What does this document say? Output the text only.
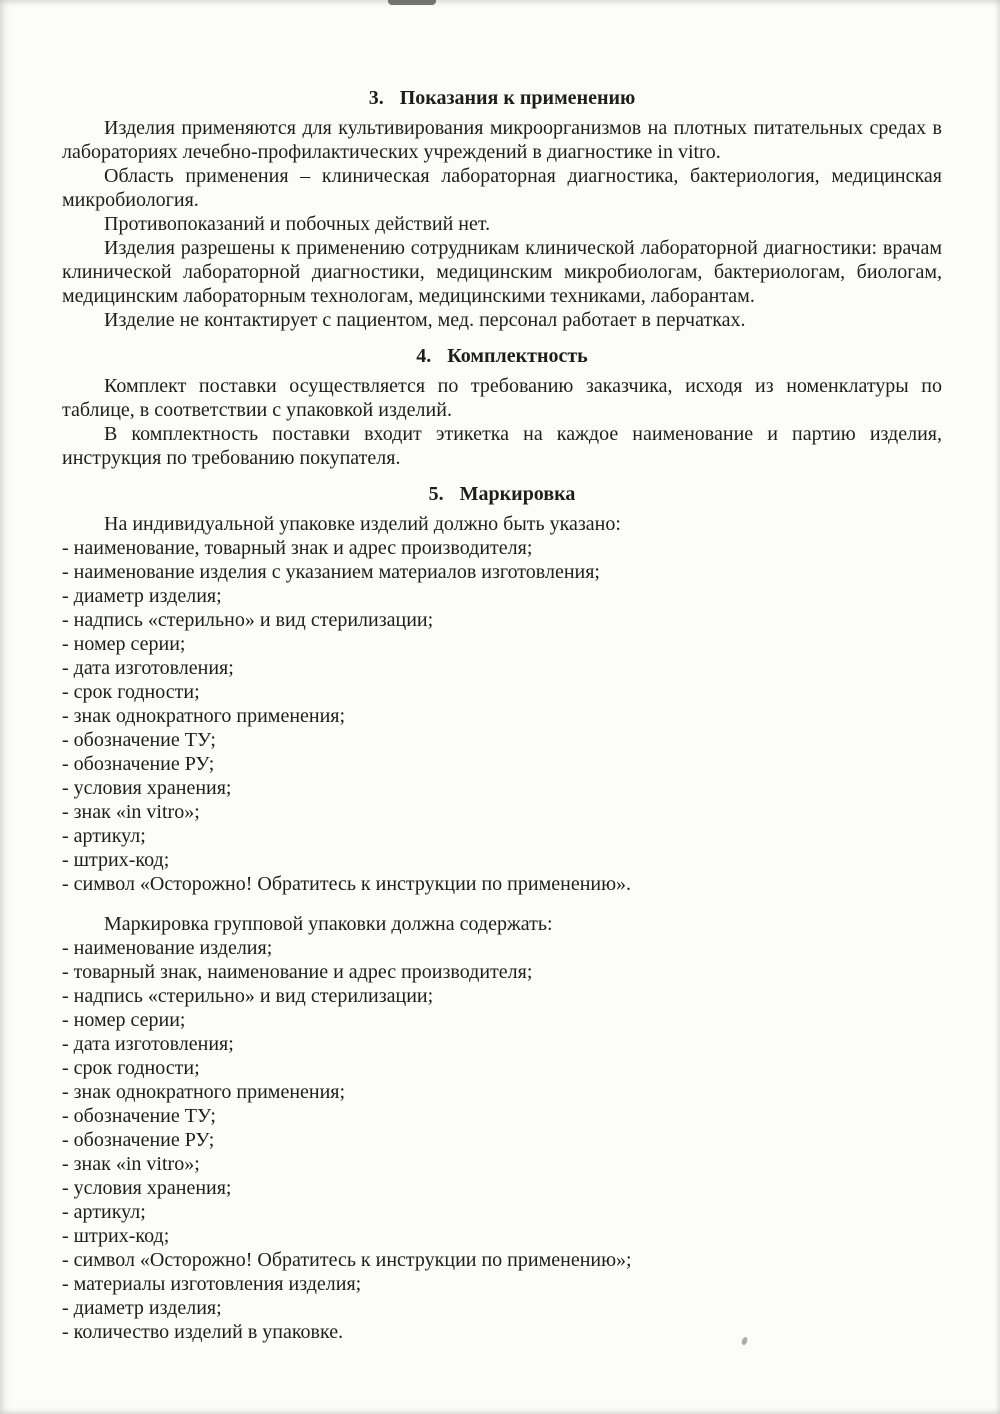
3. Показания к применению

Изделия применяются для культивирования микроорганизмов на плотных питательных средах в лабораториях лечебно-профилактических учреждений в диагностике in vitro.

Область применения – клиническая лабораторная диагностика, бактериология, медицинская микробиология.

Противопоказаний и побочных действий нет.

Изделия разрешены к применению сотрудникам клинической лабораторной диагностики: врачам клинической лабораторной диагностики, медицинским микробиологам, бактериологам, биологам, медицинским лабораторным технологам, медицинскими техниками, лаборантам.

Изделие не контактирует с пациентом, мед. персонал работает в перчатках.

4. Комплектность

Комплект поставки осуществляется по требованию заказчика, исходя из номенклатуры по таблице, в соответствии с упаковкой изделий.

В комплектность поставки входит этикетка на каждое наименование и партию изделия, инструкция по требованию покупателя.

5. Маркировка

На индивидуальной упаковке изделий должно быть указано:

- наименование, товарный знак и адрес производителя;

- наименование изделия с указанием материалов изготовления;

- диаметр изделия;

- надпись «стерильно» и вид стерилизации;

- номер серии;

- дата изготовления;

- срок годности;

- знак однократного применения;

- обозначение ТУ;

- обозначение РУ;

- условия хранения;

- знак «in vitro»;

- артикул;

- штрих-код;

- символ «Осторожно! Обратитесь к инструкции по применению».

Маркировка групповой упаковки должна содержать:

- наименование изделия;

- товарный знак, наименование и адрес производителя;

- надпись «стерильно» и вид стерилизации;

- номер серии;

- дата изготовления;

- срок годности;

- знак однократного применения;

- обозначение ТУ;

- обозначение РУ;

- знак «in vitro»;

- условия хранения;

- артикул;

- штрих-код;

- символ «Осторожно! Обратитесь к инструкции по применению»;

- материалы изготовления изделия;

- диаметр изделия;

- количество изделий в упаковке.
